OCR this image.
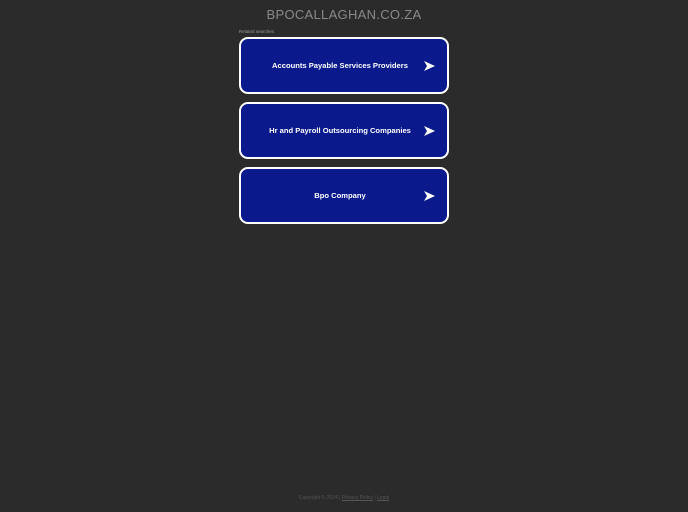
BPOCALLAGHAN.CO.ZA
Related searches
Accounts Payable Services Providers
Hr and Payroll Outsourcing Companies
Bpo Company
Copyright © 2024 | Privacy Policy | Legal
